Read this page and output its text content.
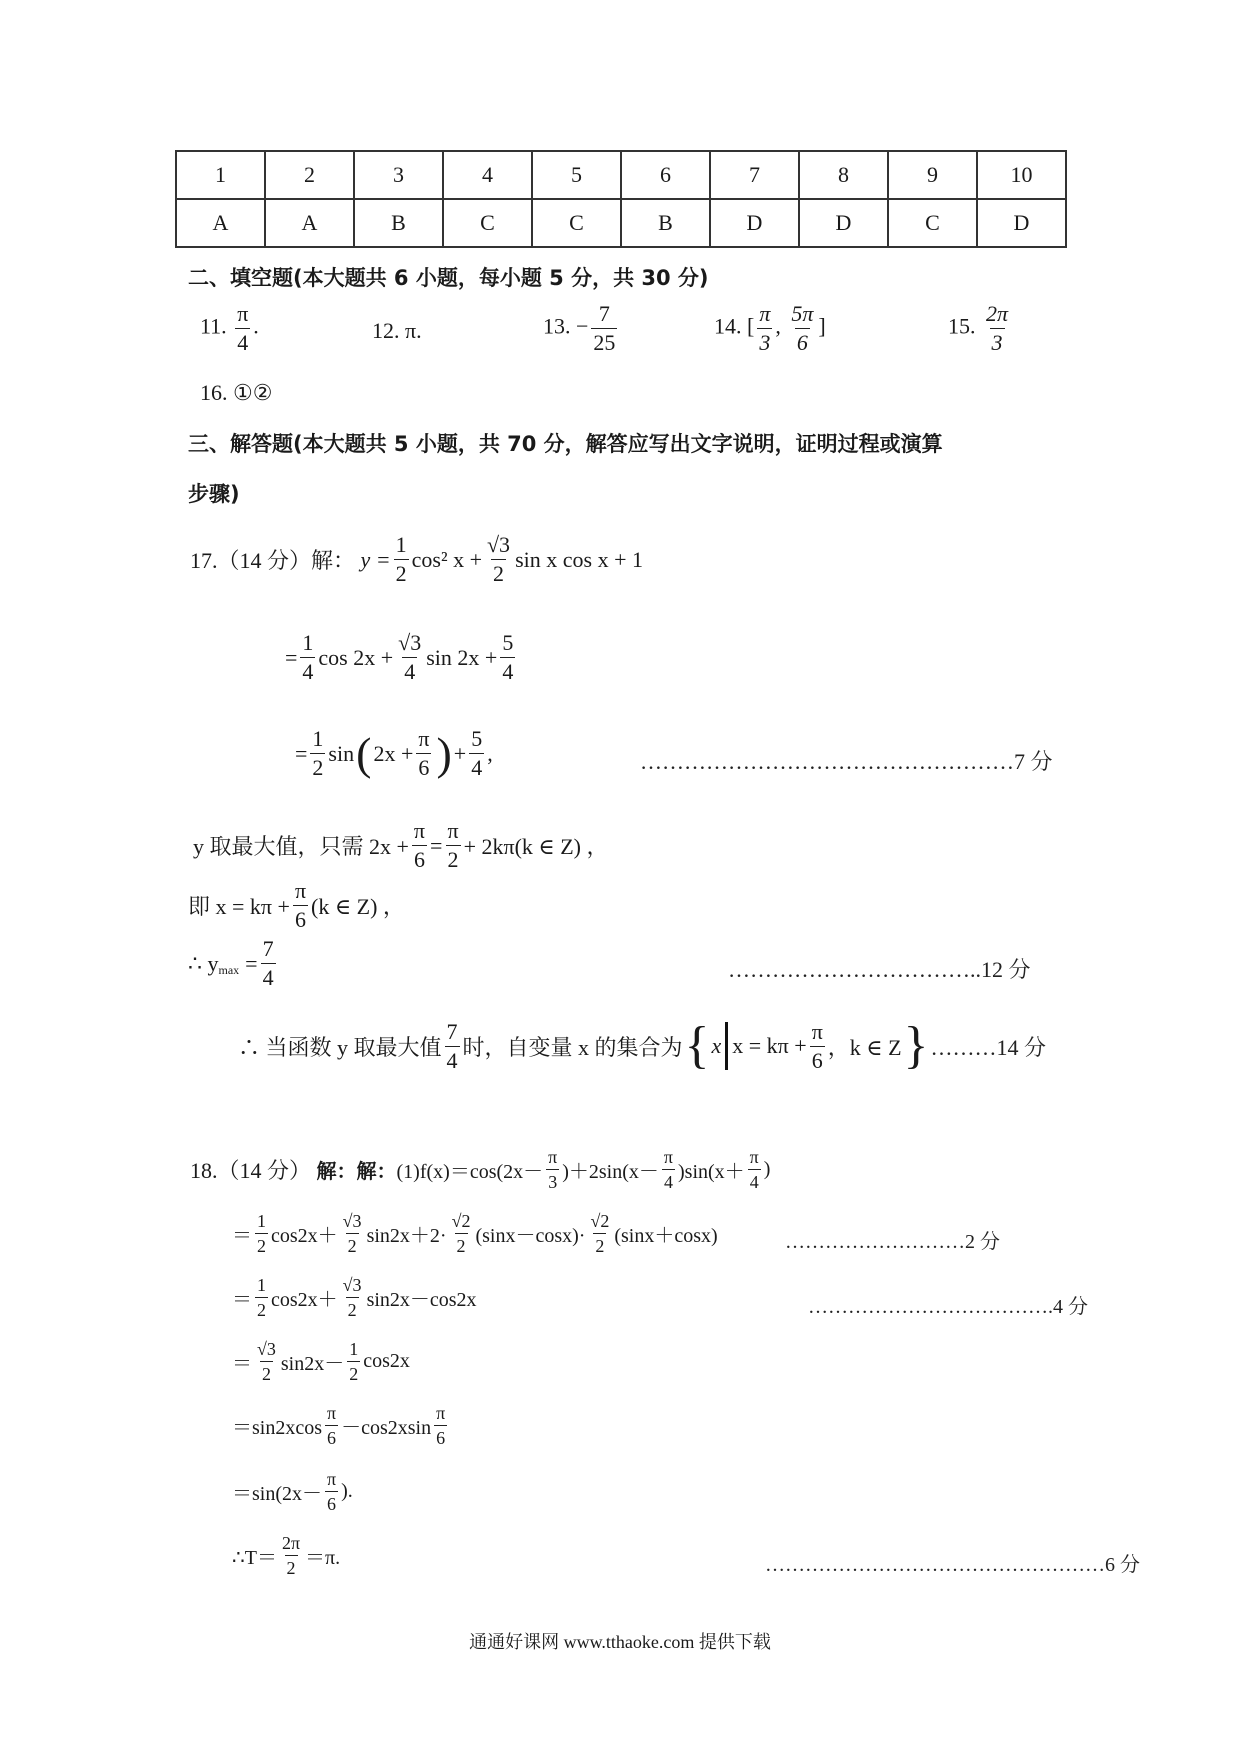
1	2	3	4	5	6	7	8	9	10
A	A	B	C	C	B	D	D	C	D
二、填空题(本大题共 6 小题，每小题 5 分，共 30 分)
11. $\frac{\pi}{4}$ .	12. π.	13. − $\frac{7}{25}$	14. [ $\frac{\pi}{3}$ , $\frac{5\pi}{6}$ ]	15. $\frac{2\pi}{3}$
16. ①②
三、解答题(本大题共 5 小题，共 70 分，解答应写出文字说明，证明过程或演算
步骤)
17.（14 分）解：
$y = \frac{1}{2} \cos^2$ $x + \frac{√3}{2}$ sin x cos x + 1
= $\frac{1}{4}$ $\cos 2x + \frac{√3}{4}$ $\sin 2x + \frac{5}{4}$
= $\frac{1}{2}$ sin ( $2x + \frac{\pi}{6}$ ) + $\frac{5}{4}$ ,	……………………………………………7 分
y 取最大值，只需 $2x + \frac{\pi}{6} = \frac{\pi}{2} + 2k\pi(k$ ∈ Z) ，
即 $x = k\pi + \frac{\pi}{6} (k$ ∈ Z) ，
∴ $y_{max} = \frac{7}{4}$	……………………………..12 分
∴ 当函数 y 取最大值 $\frac{7}{4}$ 时，自变量 x 的集合为 { x $x = k\pi + \frac{\pi}{6}$ ，k ∈ Z } ………14 分
18.（14 分）
解：解： $(1)f(x)=\cos(2x- \frac{\pi}{3} )+2\sin(x- \frac{\pi}{4} )\sin(x+ \frac{\pi}{4}$ )
＝ $\frac{1}{2} \cos 2x+ \frac{√3}{2} \sin 2x+2\cdot \frac{√2}{2} (\sin x-\cos x)\cdot \frac{√2}{2} (\sin x+\cos x)$	………………………2 分
＝ $\frac{1}{2} \cos 2x+ \frac{√3}{2} \sin 2x-\cos 2x$	……………………………….4 分
＝ $\frac{√3}{2} \sin 2x- \frac{1}{2} \cos 2x$
$=\sin 2xcos \frac{\pi}{6} -\cos 2xsin \frac{\pi}{6}$
$=\sin(2x- \frac{\pi}{6}$ ).
∴T＝ $\frac{2\pi}{2} =\pi$.	……………………………………………6 分
通通好课网 www.tthaoke.com 提供下载
